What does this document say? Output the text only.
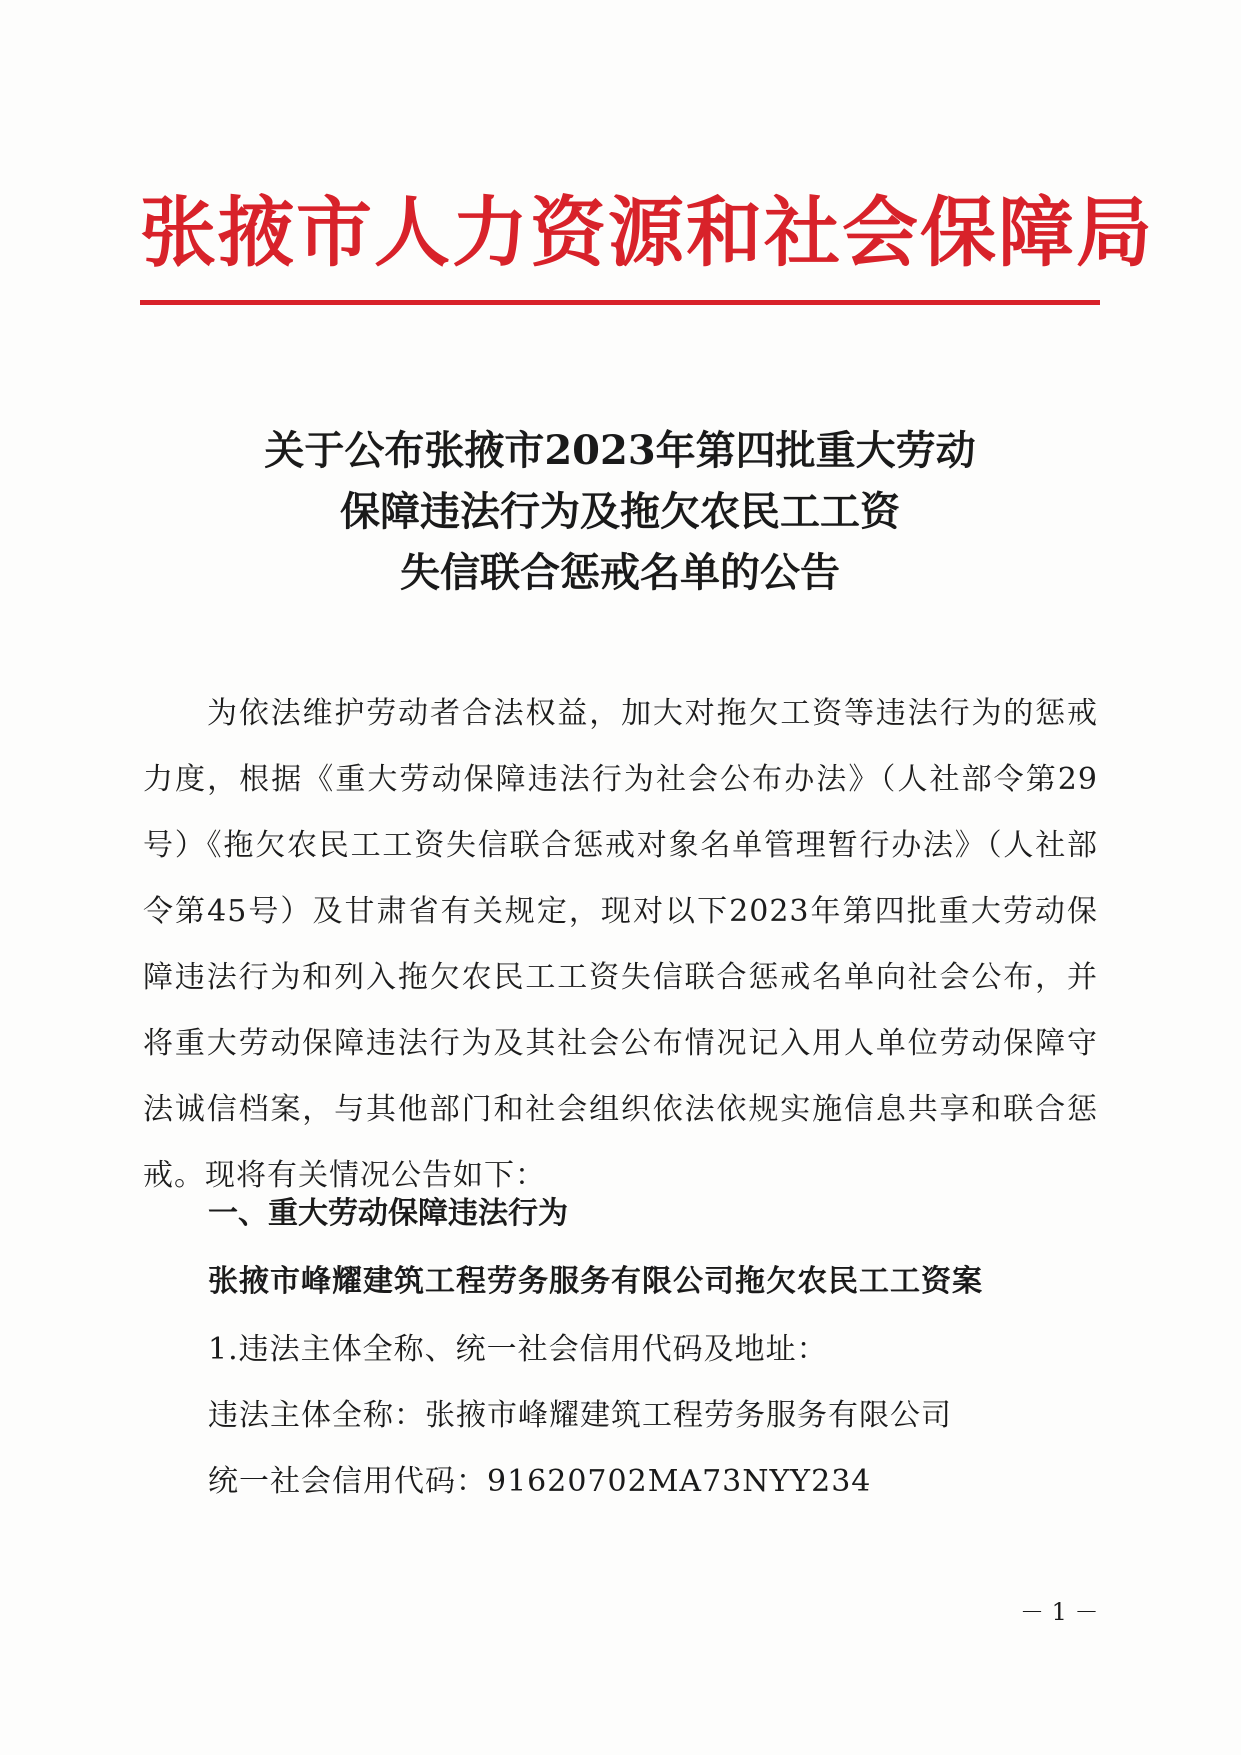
张掖市人力资源和社会保障局
关于公布张掖市2023年第四批重大劳动
保障违法行为及拖欠农民工工资
失信联合惩戒名单的公告

为依法维护劳动者合法权益，加大对拖欠工资等违法行为的惩戒力度，根据《重大劳动保障违法行为社会公布办法》（人社部令第29号）《拖欠农民工工资失信联合惩戒对象名单管理暂行办法》（人社部令第45号）及甘肃省有关规定，现对以下2023年第四批重大劳动保障违法行为和列入拖欠农民工工资失信联合惩戒名单向社会公布，并将重大劳动保障违法行为及其社会公布情况记入用人单位劳动保障守法诚信档案，与其他部门和社会组织依法依规实施信息共享和联合惩戒。现将有关情况公告如下：

一、重大劳动保障违法行为
张掖市峰耀建筑工程劳务服务有限公司拖欠农民工工资案
1.违法主体全称、统一社会信用代码及地址：
违法主体全称：张掖市峰耀建筑工程劳务服务有限公司
统一社会信用代码：91620702MA73NYY234
－ 1 －
